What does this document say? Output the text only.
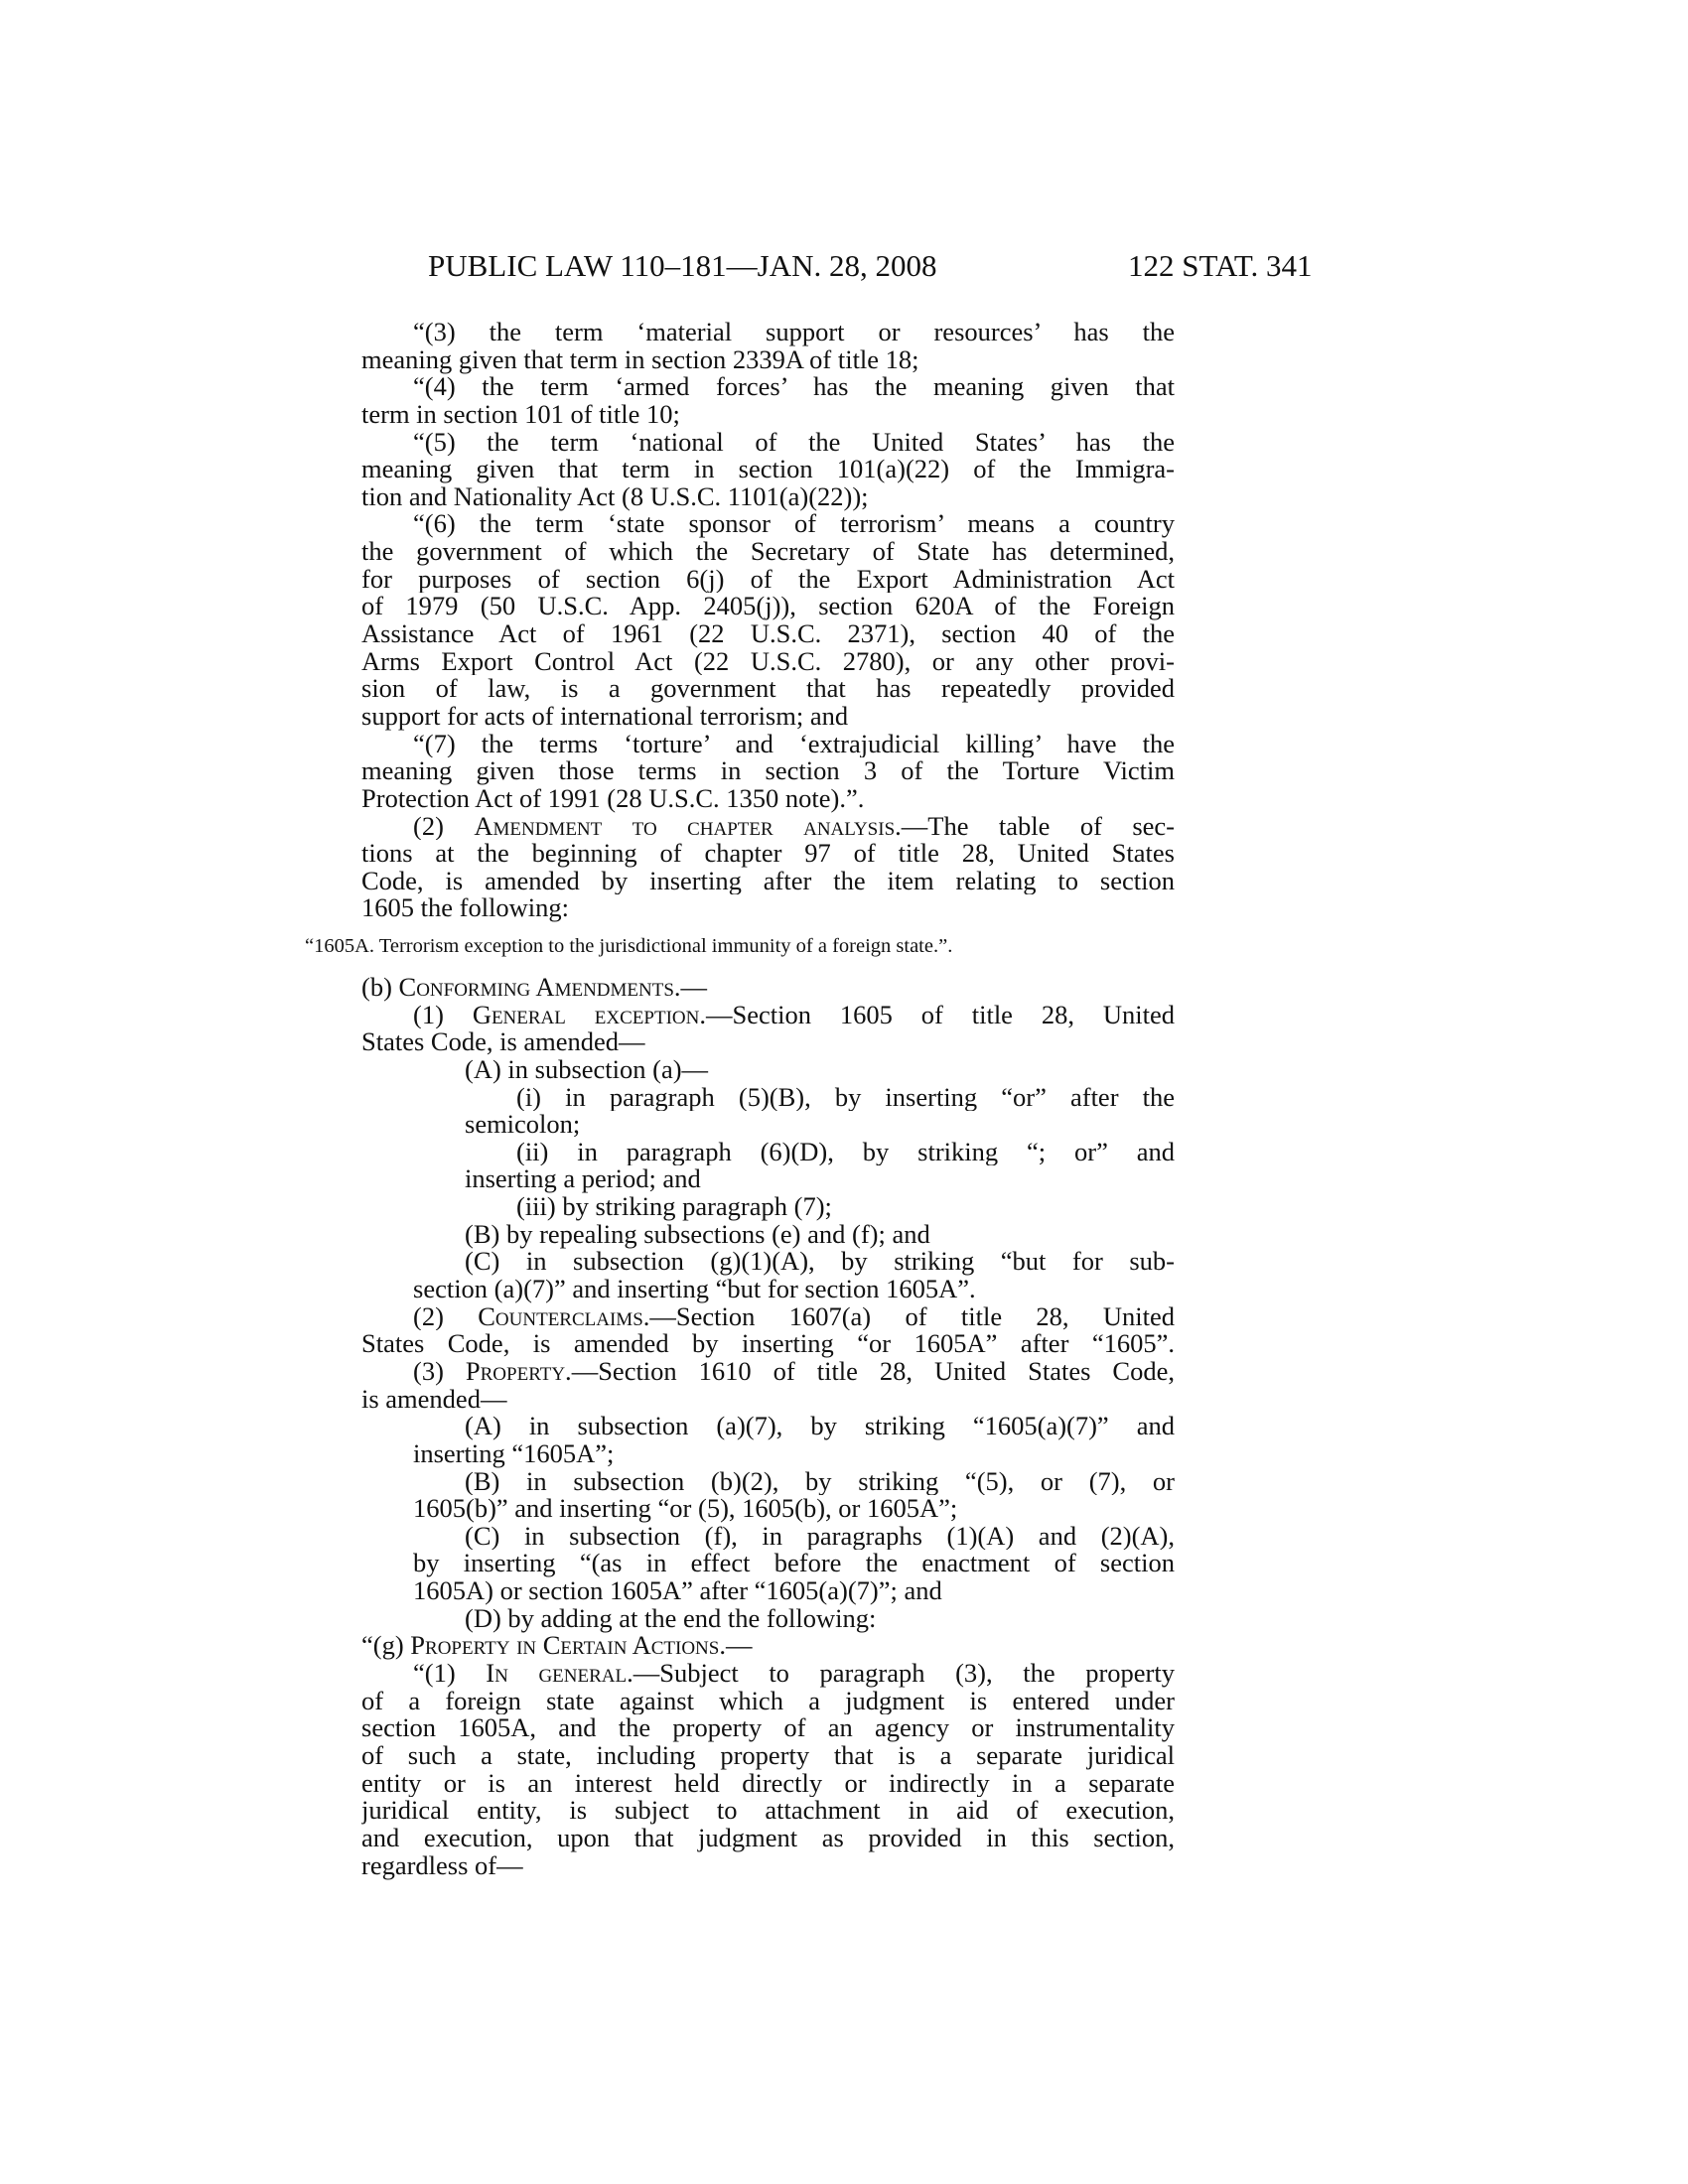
PUBLIC LAW 110–181—JAN. 28, 2008	122 STAT. 341
“(3) the term ‘material support or resources’ has the
meaning given that term in section 2339A of title 18;
“(4) the term ‘armed forces’ has the meaning given that
term in section 101 of title 10;
“(5) the term ‘national of the United States’ has the
meaning given that term in section 101(a)(22) of the Immigra-
tion and Nationality Act (8 U.S.C. 1101(a)(22));
“(6) the term ‘state sponsor of terrorism’ means a country
the government of which the Secretary of State has determined,
for purposes of section 6(j) of the Export Administration Act
of 1979 (50 U.S.C. App. 2405(j)), section 620A of the Foreign
Assistance Act of 1961 (22 U.S.C. 2371), section 40 of the
Arms Export Control Act (22 U.S.C. 2780), or any other provi-
sion of law, is a government that has repeatedly provided
support for acts of international terrorism; and
“(7) the terms ‘torture’ and ‘extrajudicial killing’ have the
meaning given those terms in section 3 of the Torture Victim
Protection Act of 1991 (28 U.S.C. 1350 note).”.
(2) Amendment to chapter analysis.—The table of sec-
tions at the beginning of chapter 97 of title 28, United States
Code, is amended by inserting after the item relating to section
1605 the following:
“1605A. Terrorism exception to the jurisdictional immunity of a foreign state.”.
(b) Conforming Amendments.—
(1) General exception.—Section 1605 of title 28, United
States Code, is amended—
(A) in subsection (a)—
(i) in paragraph (5)(B), by inserting “or” after the
semicolon;
(ii) in paragraph (6)(D), by striking “; or” and
inserting a period; and
(iii) by striking paragraph (7);
(B) by repealing subsections (e) and (f); and
(C) in subsection (g)(1)(A), by striking “but for sub-
section (a)(7)” and inserting “but for section 1605A”.
(2) Counterclaims.—Section 1607(a) of title 28, United
States Code, is amended by inserting “or 1605A” after “1605”.
(3) Property.—Section 1610 of title 28, United States Code,
is amended—
(A) in subsection (a)(7), by striking “1605(a)(7)” and
inserting “1605A”;
(B) in subsection (b)(2), by striking “(5), or (7), or
1605(b)” and inserting “or (5), 1605(b), or 1605A”;
(C) in subsection (f), in paragraphs (1)(A) and (2)(A),
by inserting “(as in effect before the enactment of section
1605A) or section 1605A” after “1605(a)(7)”; and
(D) by adding at the end the following:
“(g) Property in Certain Actions.—
“(1) In general.—Subject to paragraph (3), the property
of a foreign state against which a judgment is entered under
section 1605A, and the property of an agency or instrumentality
of such a state, including property that is a separate juridical
entity or is an interest held directly or indirectly in a separate
juridical entity, is subject to attachment in aid of execution,
and execution, upon that judgment as provided in this section,
regardless of—
